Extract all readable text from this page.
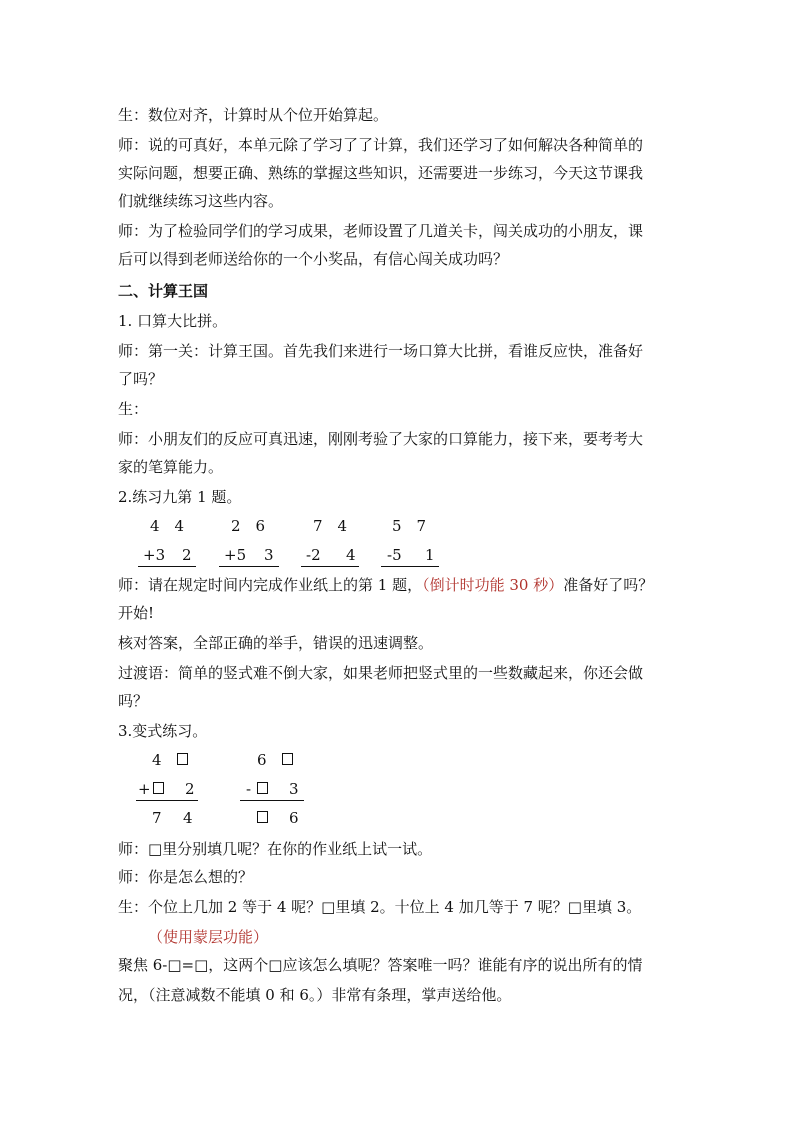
生：数位对齐，计算时从个位开始算起。
师：说的可真好，本单元除了学习了了计算，我们还学习了如何解决各种简单的
实际问题，想要正确、熟练的掌握这些知识，还需要进一步练习，今天这节课我
们就继续练习这些内容。
师：为了检验同学们的学习成果，老师设置了几道关卡，闯关成功的小朋友，课
后可以得到老师送给你的一个小奖品，有信心闯关成功吗？
二、计算王国
1. 口算大比拼。
师：第一关：计算王国。首先我们来进行一场口算大比拼，看谁反应快，准备好
了吗？
生：
师：小朋友们的反应可真迅速，刚刚考验了大家的口算能力，接下来，要考考大
家的笔算能力。
2.练习九第 1 题。
4　4
+3 2
2　6
+5 3
7　4
-2 4
5　7
-5 1
师：请在规定时间内完成作业纸上的第 1 题，（倒计时功能 30 秒）准备好了吗？
开始!
核对答案，全部正确的举手，错误的迅速调整。
过渡语：简单的竖式难不倒大家，如果老师把竖式里的一些数藏起来，你还会做
吗？
3.变式练习。
4
+ 2
7 4
6
-	3
6
师：□里分别填几呢？在你的作业纸上试一试。
师：你是怎么想的？
生：个位上几加 2 等于 4 呢？□里填 2。十位上 4 加几等于 7 呢？□里填 3。
（使用蒙层功能）
聚焦 6-□=□，这两个□应该怎么填呢？答案唯一吗？谁能有序的说出所有的情
况，（注意减数不能填 0 和 6。）非常有条理，掌声送给他。
